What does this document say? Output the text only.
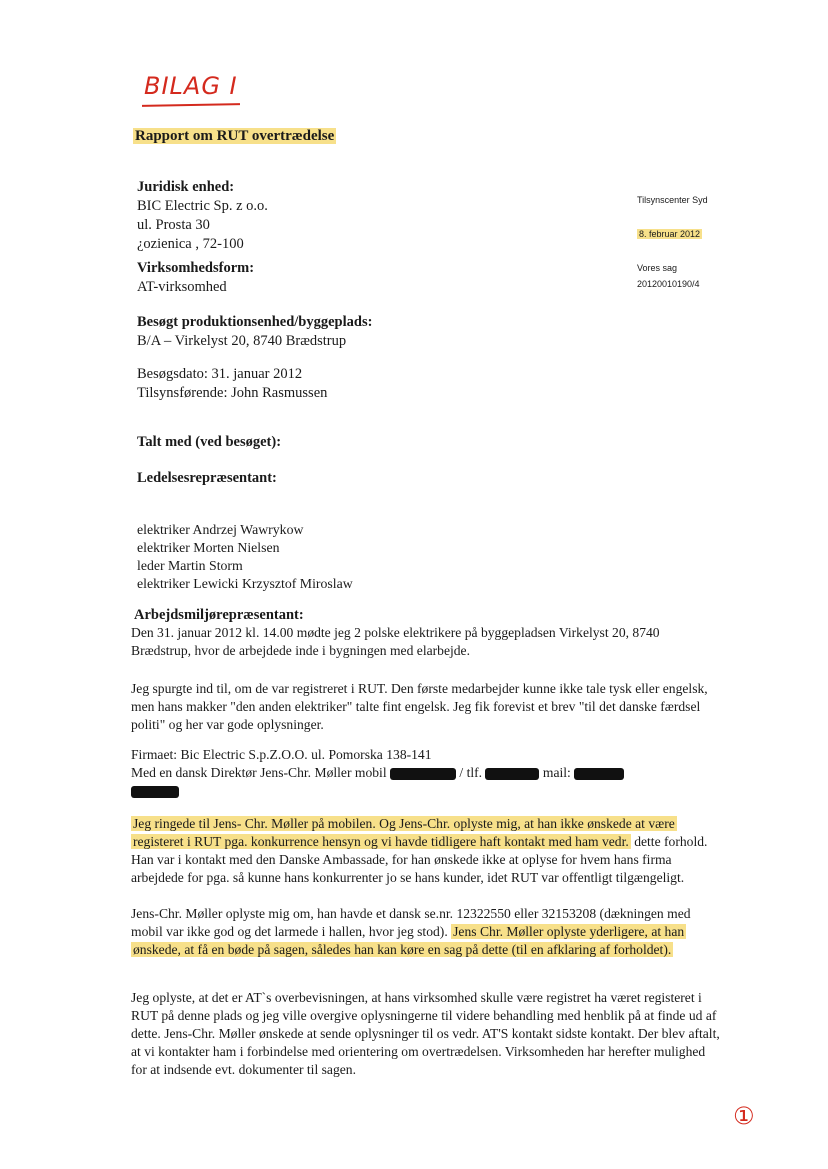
BILAG I
Rapport om RUT overtrædelse
Tilsynscenter Syd
8. februar 2012
Vores sag
20120010190/4

Juridisk enhed:

BIC Electric Sp. z o.o.

ul. Prosta 30

¿ozienica , 72-100

Virksomhedsform:

AT-virksomhed

Besøgt produktionsenhed/byggeplads:

B/A – Virkelyst 20, 8740 Brædstrup

Besøgsdato: 31. januar 2012

Tilsynsførende: John Rasmussen

Talt med (ved besøget):
Ledelsesrepræsentant:

elektriker Andrzej Wawrykow

elektriker Morten Nielsen

leder Martin Storm

elektriker Lewicki Krzysztof Miroslaw

Arbejdsmiljørepræsentant:
Den 31. januar 2012 kl. 14.00 mødte jeg 2 polske elektrikere på byggepladsen Virkelyst 20, 8740 Brædstrup, hvor de arbejdede inde i bygningen med elarbejde.
Jeg spurgte ind til, om de var registreret i RUT. Den første medarbejder kunne ikke tale tysk eller engelsk, men hans makker "den anden elektriker" talte fint engelsk. Jeg fik forevist et brev "til det danske færdsel politi" og her var gode oplysninger.

Firmaet: Bic Electric S.p.Z.O.O. ul. Pomorska 138-141

Med en dansk Direktør Jens-Chr. Møller mobil	/ tlf.	mail:

Jeg ringede til Jens- Chr. Møller på mobilen. Og Jens-Chr. oplyste mig, at han ikke ønskede at være registeret i RUT pga. konkurrence hensyn og vi havde tidligere haft kontakt med ham vedr. dette forhold. Han var i kontakt med den Danske Ambassade, for han ønskede ikke at oplyse for hvem hans firma arbejdede for pga. så kunne hans konkurrenter jo se hans kunder, idet RUT var offentligt tilgængeligt.
Jens-Chr. Møller oplyste mig om, han havde et dansk se.nr. 12322550 eller 32153208 (dækningen med mobil var ikke god og det larmede i hallen, hvor jeg stod). Jens Chr. Møller oplyste yderligere, at han ønskede, at få en bøde på sagen, således han kan køre en sag på dette (til en afklaring af forholdet).
Jeg oplyste, at det er AT`s overbevisningen, at hans virksomhed skulle være registret ha været registeret i RUT på denne plads og jeg ville overgive oplysningerne til videre behandling med henblik på at finde ud af dette. Jens-Chr. Møller ønskede at sende oplysninger til os vedr. AT'S kontakt sidste kontakt. Der blev aftalt, at vi kontakter ham i forbindelse med orientering om overtrædelsen. Virksomheden har herefter mulighed for at indsende evt. dokumenter til sagen.
①
